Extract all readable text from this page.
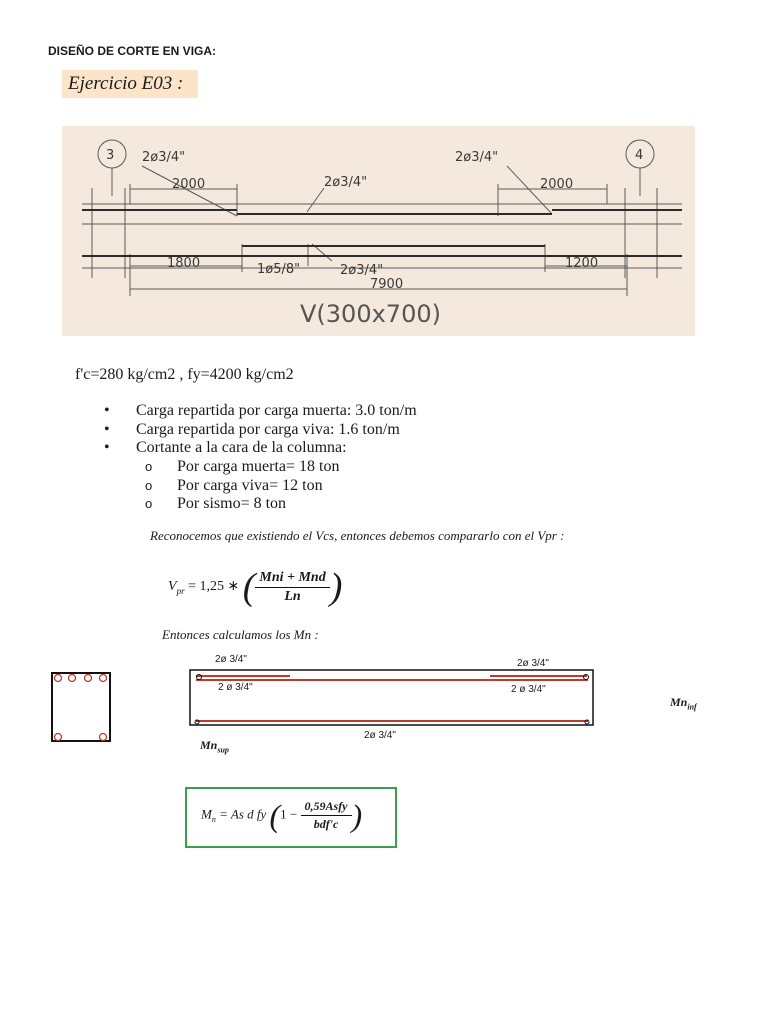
DISEÑO DE CORTE EN VIGA:
Ejercicio E03 :
3	4
2ø3/4"	2ø3/4"
2ø3/4"
2000	2000
1800	1200
1ø5/8"	2ø3/4"
7900
V(300x700)
f'c=280 kg/cm2 , fy=4200 kg/cm2
• Carga repartida por carga muerta: 3.0 ton/m
• Carga repartida por carga viva: 1.6 ton/m
• Cortante a la cara de la columna:
o Por carga muerta= 18 ton
o Por carga viva= 12 ton
o Por sismo= 8 ton
Reconocemos que existiendo el Vcs, entonces debemos compararlo con el Vpr :
$V_{pr} = 1,25$ ∗ ( $\frac{\text{Mni + Mnd}}{Ln}$ )
Entonces calculamos los Mn :
2ø 3/4"	2ø 3/4"
2 ø 3/4"	2 ø 3/4"
2ø 3/4"
$Mn_{inf}$
$Mn_{sup}$
$M_n = As$ d fy ($1 - \frac{\text{0,59Asfy}}{\text{bdf'c}}$ )
